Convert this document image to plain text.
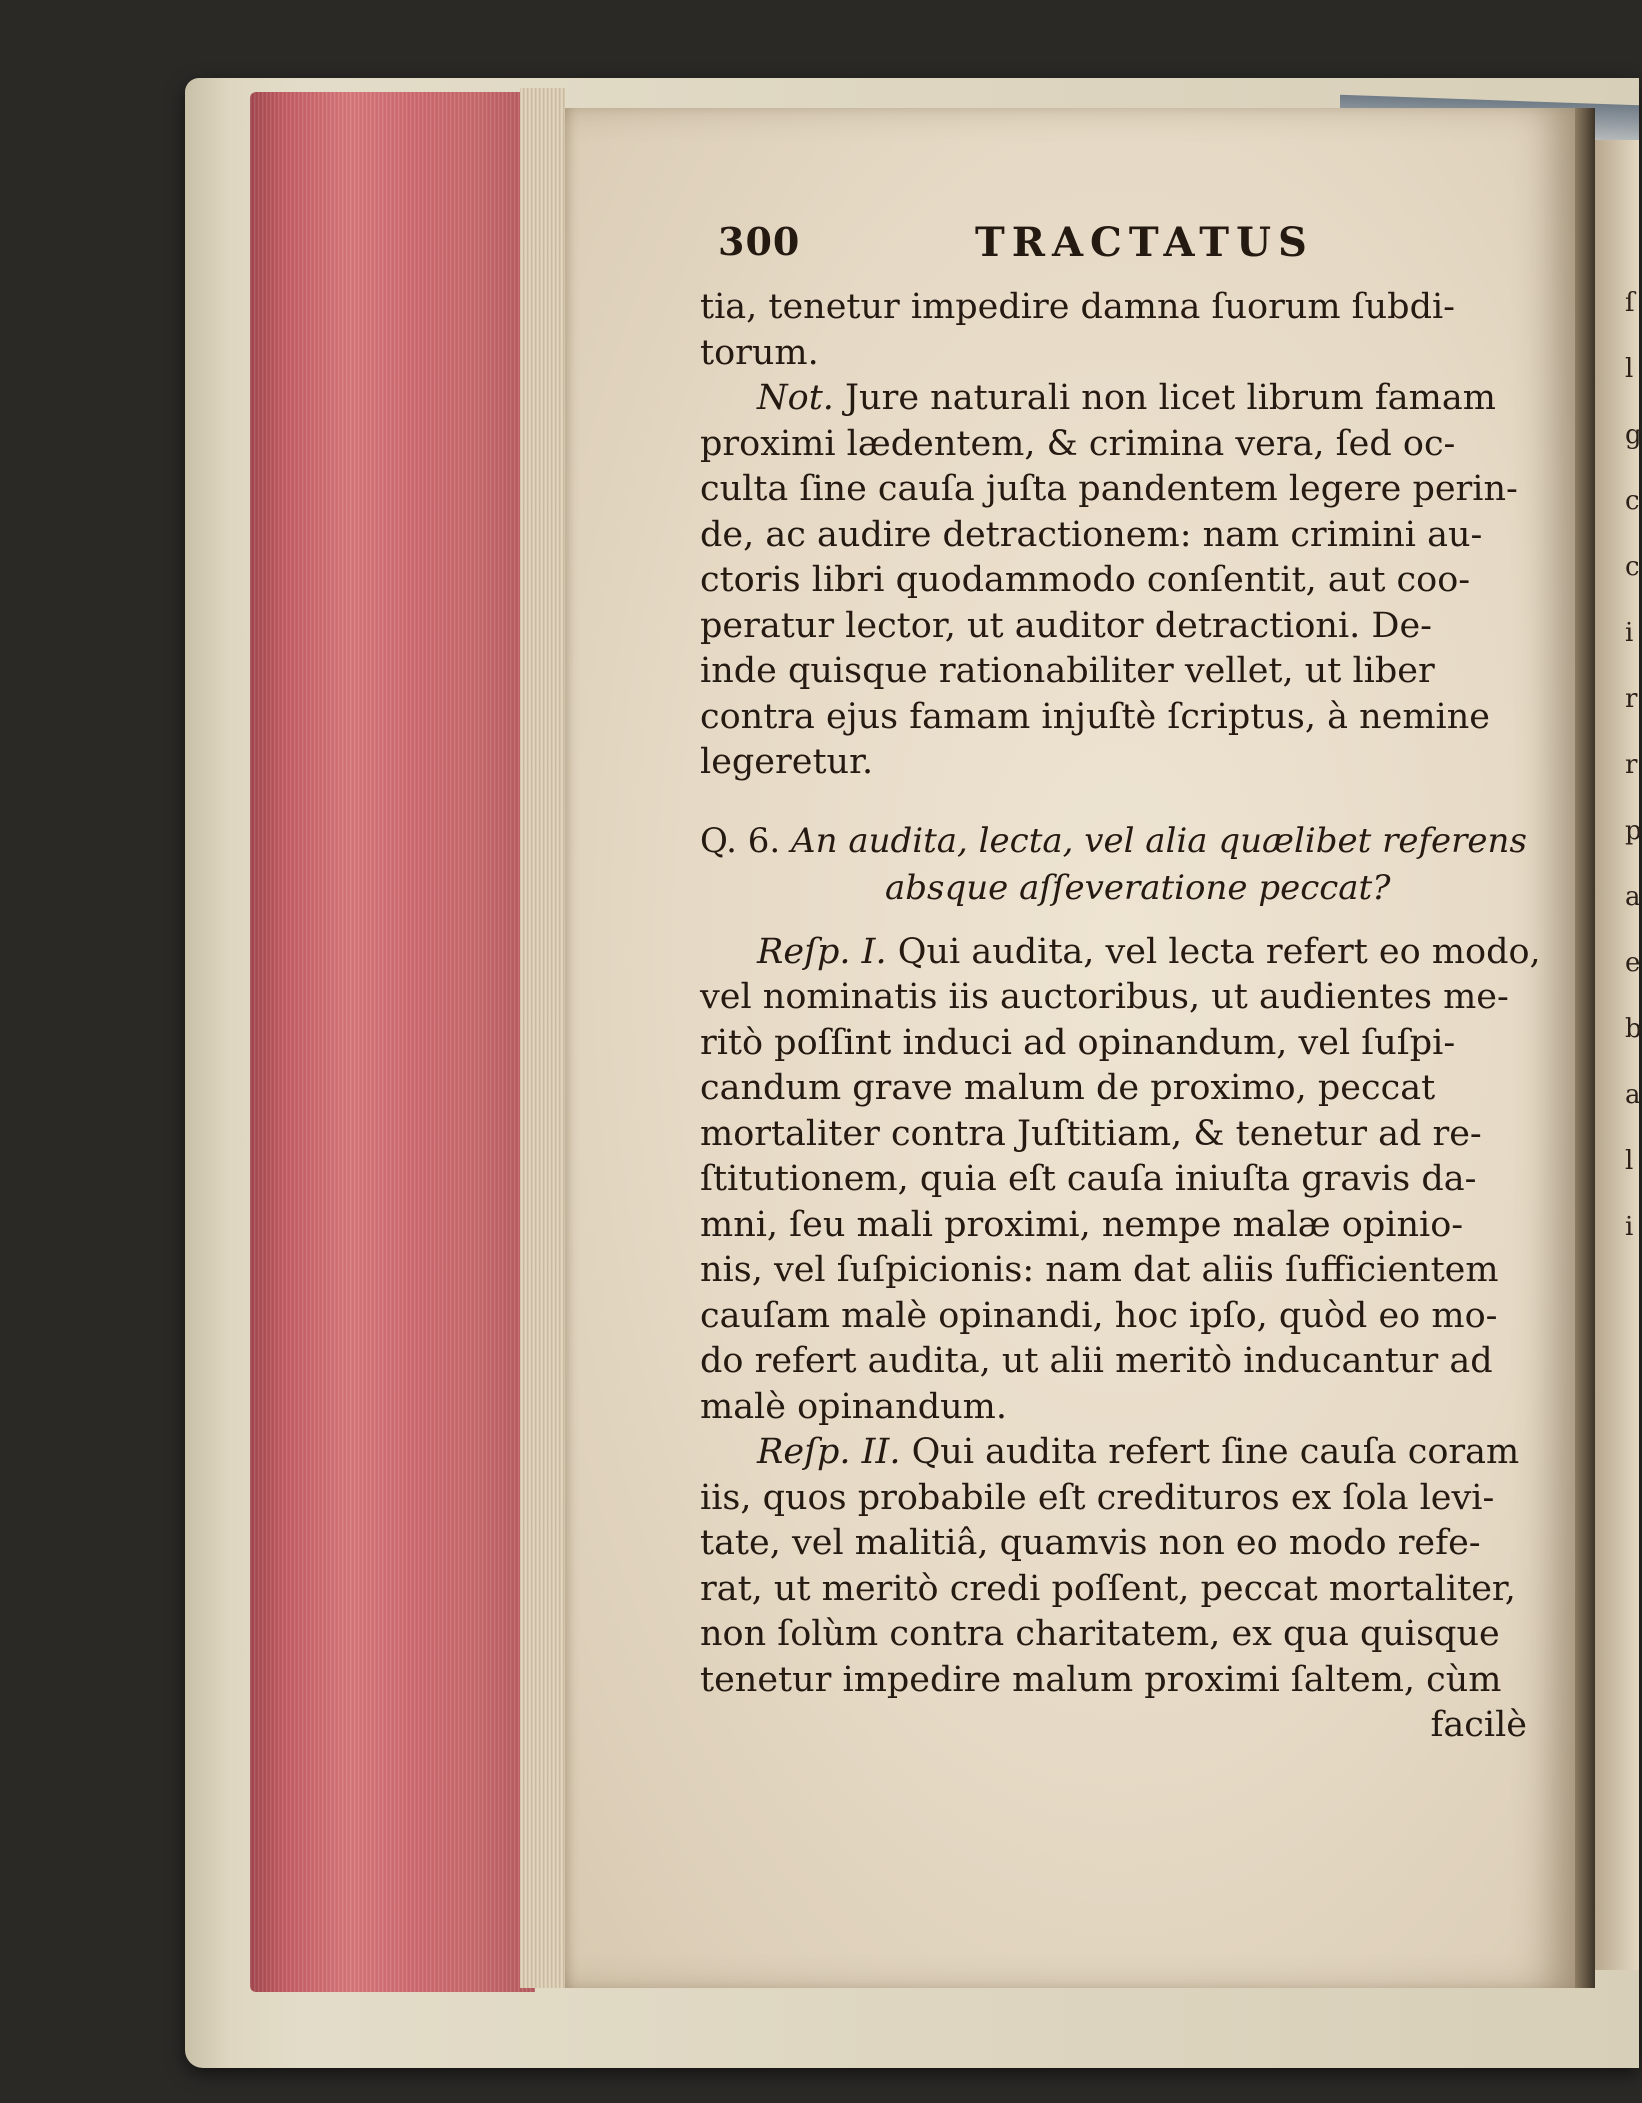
ſ
l
g
c
c
i
r
r
p
a
e
b
a
l
i
300	TRACTATUS
tia, tenetur impedire damna ſuorum ſubdi-
torum.
Not. Jure naturali non licet librum famam
proximi lædentem, & crimina vera, ſed oc-
culta ſine cauſa juſta pandentem legere perin-
de, ac audire detractionem: nam crimini au-
ctoris libri quodammodo conſentit, aut coo-
peratur lector, ut auditor detractioni. De-
inde quisque rationabiliter vellet, ut liber
contra ejus famam injuſtè ſcriptus, à nemine
legeretur.
Q. 6. An audita, lecta, vel alia quælibet referens
absque aſſeveratione peccat?
Reſp. I. Qui audita, vel lecta refert eo modo,
vel nominatis iis auctoribus, ut audientes me-
ritò poſſint induci ad opinandum, vel ſuſpi-
candum grave malum de proximo, peccat
mortaliter contra Juſtitiam, & tenetur ad re-
ſtitutionem, quia eſt cauſa iniuſta gravis da-
mni, ſeu mali proximi, nempe malæ opinio-
nis, vel ſuſpicionis: nam dat aliis ſufficientem
cauſam malè opinandi, hoc ipſo, quòd eo mo-
do refert audita, ut alii meritò inducantur ad
malè opinandum.
Reſp. II. Qui audita refert ſine cauſa coram
iis, quos probabile eſt credituros ex ſola levi-
tate, vel malitiâ, quamvis non eo modo refe-
rat, ut meritò credi poſſent, peccat mortaliter,
non ſolùm contra charitatem, ex qua quisque
tenetur impedire malum proximi ſaltem, cùm
facilè
